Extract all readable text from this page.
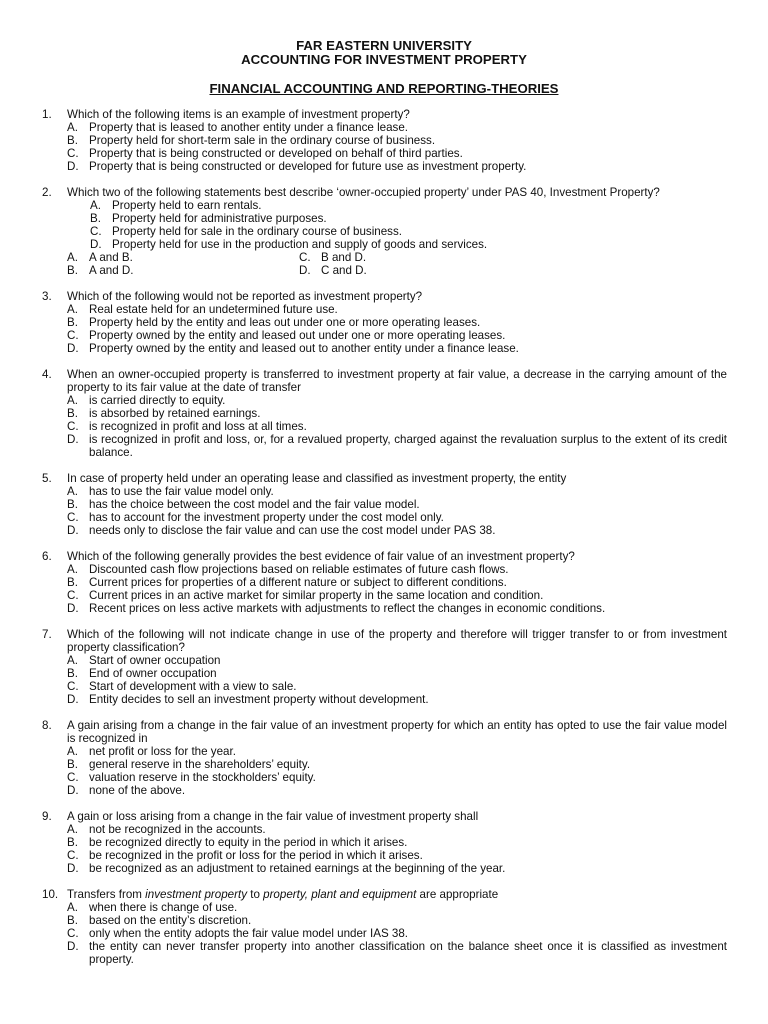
FAR EASTERN UNIVERSITY
ACCOUNTING FOR INVESTMENT PROPERTY
FINANCIAL ACCOUNTING AND REPORTING-THEORIES
1.	Which of the following items is an example of investment property?
A. Property that is leased to another entity under a finance lease.
B. Property held for short-term sale in the ordinary course of business.
C. Property that is being constructed or developed on behalf of third parties.
D. Property that is being constructed or developed for future use as investment property.
2.	Which two of the following statements best describe ‘owner-occupied property’ under PAS 40, Investment Property?
A. Property held to earn rentals.
B. Property held for administrative purposes.
C. Property held for sale in the ordinary course of business.
D. Property held for use in the production and supply of goods and services.
A. A and B.	C. B and D.
B. A and D.	D. C and D.
3.	Which of the following would not be reported as investment property?
A. Real estate held for an undetermined future use.
B. Property held by the entity and leas out under one or more operating leases.
C. Property owned by the entity and leased out under one or more operating leases.
D. Property owned by the entity and leased out to another entity under a finance lease.
4.	When an owner-occupied property is transferred to investment property at fair value, a decrease in the carrying amount of the property to its fair value at the date of transfer
A. is carried directly to equity.
B. is absorbed by retained earnings.
C. is recognized in profit and loss at all times.
D. is recognized in profit and loss, or, for a revalued property, charged against the revaluation surplus to the extent of its credit balance.
5.	In case of property held under an operating lease and classified as investment property, the entity
A. has to use the fair value model only.
B. has the choice between the cost model and the fair value model.
C. has to account for the investment property under the cost model only.
D. needs only to disclose the fair value and can use the cost model under PAS 38.
6.	Which of the following generally provides the best evidence of fair value of an investment property?
A. Discounted cash flow projections based on reliable estimates of future cash flows.
B. Current prices for properties of a different nature or subject to different conditions.
C. Current prices in an active market for similar property in the same location and condition.
D. Recent prices on less active markets with adjustments to reflect the changes in economic conditions.
7.	Which of the following will not indicate change in use of the property and therefore will trigger transfer to or from investment property classification?
A. Start of owner occupation
B. End of owner occupation
C. Start of development with a view to sale.
D. Entity decides to sell an investment property without development.
8.	A gain arising from a change in the fair value of an investment property for which an entity has opted to use the fair value model is recognized in
A. net profit or loss for the year.
B. general reserve in the shareholders’ equity.
C. valuation reserve in the stockholders’ equity.
D. none of the above.
9.	A gain or loss arising from a change in the fair value of investment property shall
A. not be recognized in the accounts.
B. be recognized directly to equity in the period in which it arises.
C. be recognized in the profit or loss for the period in which it arises.
D. be recognized as an adjustment to retained earnings at the beginning of the year.
10. Transfers from investment property to property, plant and equipment are appropriate
A. when there is change of use.
B. based on the entity’s discretion.
C. only when the entity adopts the fair value model under IAS 38.
D. the entity can never transfer property into another classification on the balance sheet once it is classified as investment property.
